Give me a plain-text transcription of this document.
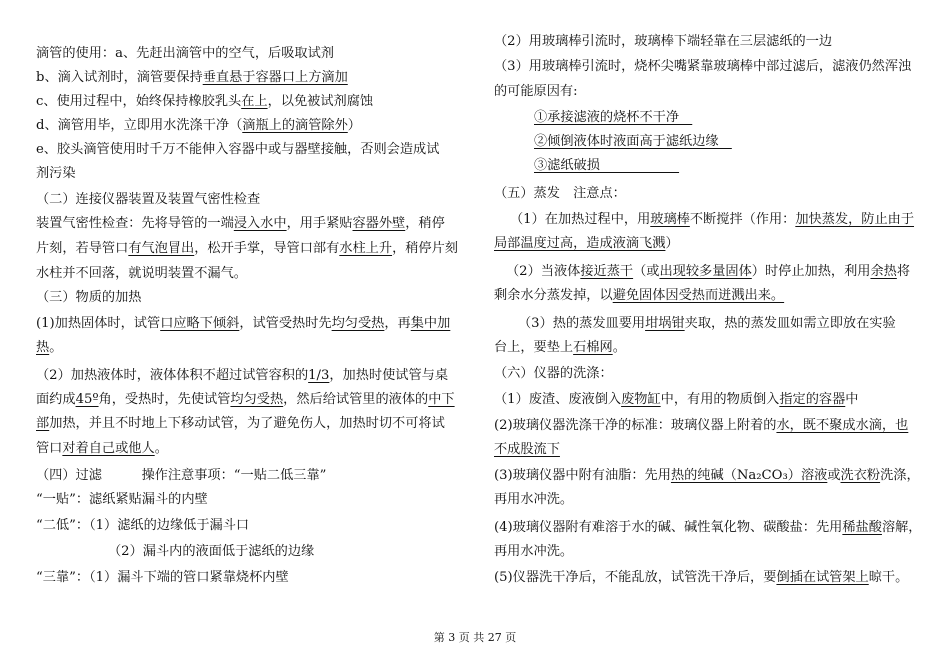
滴管的使用：a、先赶出滴管中的空气，后吸取试剂
b、滴入试剂时，滴管要保持垂直悬于容器口上方滴加
c、使用过程中，始终保持橡胶乳头在上，以免被试剂腐蚀
d、滴管用毕，立即用水洗涤干净（滴瓶上的滴管除外）
e、胶头滴管使用时千万不能伸入容器中或与器壁接触，否则会造成试
剂污染
（二）连接仪器装置及装置气密性检查
装置气密性检查：先将导管的一端浸入水中，用手紧贴容器外壁，稍停
片刻，若导管口有气泡冒出，松开手掌，导管口部有水柱上升，稍停片刻
水柱并不回落，就说明装置不漏气。
（三）物质的加热
(1)加热固体时，试管口应略下倾斜，试管受热时先均匀受热，再集中加
热。
（2）加热液体时，液体体积不超过试管容积的1/3，加热时使试管与桌
面约成45º角，受热时，先使试管均匀受热，然后给试管里的液体的中下
部加热，并且不时地上下移动试管，为了避免伤人，加热时切不可将试
管口对着自己或他人。
（四）过滤　　　操作注意事项：“一贴二低三靠”
“一贴”：滤纸紧贴漏斗的内壁
“二低”：（1）滤纸的边缘低于漏斗口
（2）漏斗内的液面低于滤纸的边缘
“三靠”：（1）漏斗下端的管口紧靠烧杯内壁
（2）用玻璃棒引流时，玻璃棒下端轻靠在三层滤纸的一边
（3）用玻璃棒引流时，烧杯尖嘴紧靠玻璃棒中部过滤后，滤液仍然浑浊
的可能原因有:
①承接滤液的烧杯不干净　
②倾倒液体时液面高于滤纸边缘　
③滤纸破损　　　　　　
（五）蒸发　注意点：
（1）在加热过程中，用玻璃棒不断搅拌（作用：加快蒸发，防止由于
局部温度过高，造成液滴飞溅）
（2）当液体接近蒸干（或出现较多量固体）时停止加热，利用余热将
剩余水分蒸发掉，以避免固体因受热而迸溅出来。
（3）热的蒸发皿要用坩埚钳夹取，热的蒸发皿如需立即放在实验
台上，要垫上石棉网。
（六）仪器的洗涤：
（1）废渣、废液倒入废物缸中，有用的物质倒入指定的容器中
(2)玻璃仪器洗涤干净的标准：玻璃仪器上附着的水，既不聚成水滴，也
不成股流下
(3)玻璃仪器中附有油脂：先用热的纯碱（Na₂CO₃）溶液或洗衣粉洗涤，
再用水冲洗。
(4)玻璃仪器附有难溶于水的碱、碱性氧化物、碳酸盐：先用稀盐酸溶解，
再用水冲洗。
(5)仪器洗干净后，不能乱放，试管洗干净后，要倒插在试管架上晾干。
第 3 页 共 27 页
